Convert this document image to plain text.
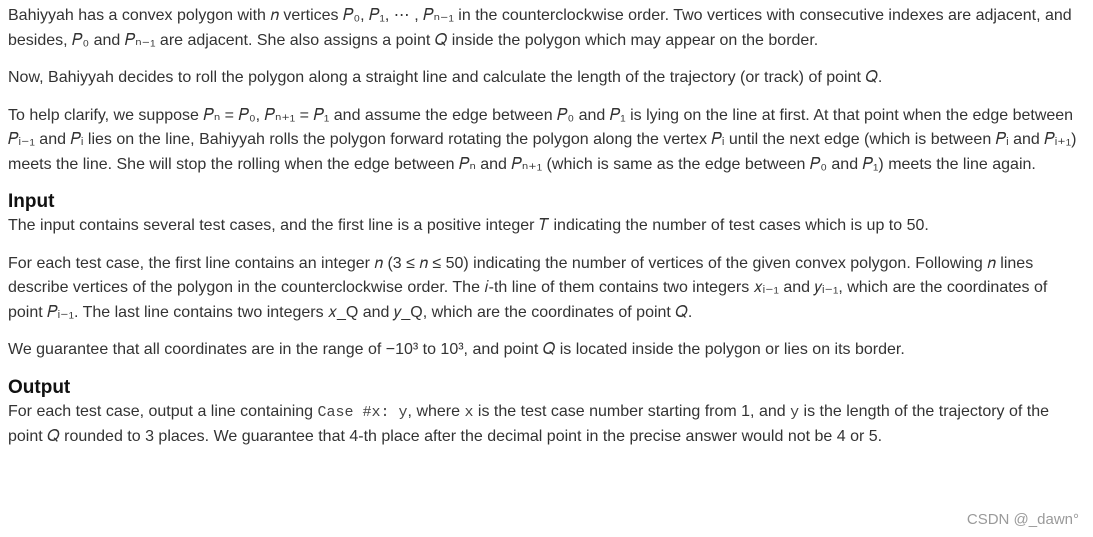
Bahiyyah has a convex polygon with 𝑛 vertices 𝑃₀, 𝑃₁, ⋯ , 𝑃ₙ₋₁ in the counterclockwise order. Two vertices with consecutive indexes are adjacent, and besides, 𝑃₀ and 𝑃ₙ₋₁ are adjacent. She also assigns a point 𝑄 inside the polygon which may appear on the border.

Now, Bahiyyah decides to roll the polygon along a straight line and calculate the length of the trajectory (or track) of point 𝑄.

To help clarify, we suppose 𝑃ₙ = 𝑃₀, 𝑃ₙ₊₁ = 𝑃₁ and assume the edge between 𝑃₀ and 𝑃₁ is lying on the line at first. At that point when the edge between 𝑃ᵢ₋₁ and 𝑃ᵢ lies on the line, Bahiyyah rolls the polygon forward rotating the polygon along the vertex 𝑃ᵢ until the next edge (which is between 𝑃ᵢ and 𝑃ᵢ₊₁) meets the line. She will stop the rolling when the edge between 𝑃ₙ and 𝑃ₙ₊₁ (which is same as the edge between 𝑃₀ and 𝑃₁) meets the line again.

Input

The input contains several test cases, and the first line is a positive integer 𝑇 indicating the number of test cases which is up to 50.

For each test case, the first line contains an integer 𝑛 (3 ≤ 𝑛 ≤ 50) indicating the number of vertices of the given convex polygon. Following 𝑛 lines describe vertices of the polygon in the counterclockwise order. The 𝑖-th line of them contains two integers 𝑥ᵢ₋₁ and 𝑦ᵢ₋₁, which are the coordinates of point 𝑃ᵢ₋₁. The last line contains two integers 𝑥_Q and 𝑦_Q, which are the coordinates of point 𝑄.

We guarantee that all coordinates are in the range of −10³ to 10³, and point 𝑄 is located inside the polygon or lies on its border.

Output

For each test case, output a line containing Case #x: y, where x is the test case number starting from 1, and y is the length of the trajectory of the point 𝑄 rounded to 3 places. We guarantee that 4-th place after the decimal point in the precise answer would not be 4 or 5.

CSDN @_dawn°
